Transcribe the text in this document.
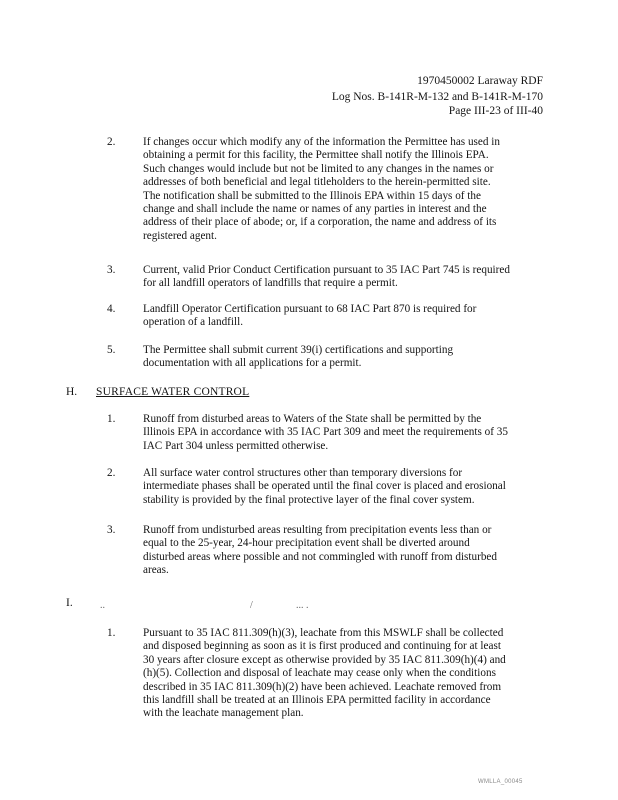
1970450002 Laraway RDF
Log Nos. B-141R-M-132 and B-141R-M-170
Page III-23 of III-40
2. If changes occur which modify any of the information the Permittee has used in
obtaining a permit for this facility, the Permittee shall notify the Illinois EPA.
Such changes would include but not be limited to any changes in the names or
addresses of both beneficial and legal titleholders to the herein-permitted site.
The notification shall be submitted to the Illinois EPA within 15 days of the
change and shall include the name or names of any parties in interest and the
address of their place of abode; or, if a corporation, the name and address of its
registered agent.
3. Current, valid Prior Conduct Certification pursuant to 35 IAC Part 745 is required
for all landfill operators of landfills that require a permit.
4. Landfill Operator Certification pursuant to 68 IAC Part 870 is required for
operation of a landfill.
5. The Permittee shall submit current 39(i) certifications and supporting
documentation with all applications for a permit.
H. SURFACE WATER CONTROL
1. Runoff from disturbed areas to Waters of the State shall be permitted by the
Illinois EPA in accordance with 35 IAC Part 309 and meet the requirements of 35
IAC Part 304 unless permitted otherwise.
2. All surface water control structures other than temporary diversions for
intermediate phases shall be operated until the final cover is placed and erosional
stability is provided by the final protective layer of the final cover system.
3. Runoff from undisturbed areas resulting from precipitation events less than or
equal to the 25-year, 24-hour precipitation event shall be diverted around
disturbed areas where possible and not commingled with runoff from disturbed
areas.
I.	..	/	... .
1. Pursuant to 35 IAC 811.309(h)(3), leachate from this MSWLF shall be collected
and disposed beginning as soon as it is first produced and continuing for at least
30 years after closure except as otherwise provided by 35 IAC 811.309(h)(4) and
(h)(5). Collection and disposal of leachate may cease only when the conditions
described in 35 IAC 811.309(h)(2) have been achieved. Leachate removed from
this landfill shall be treated at an Illinois EPA permitted facility in accordance
with the leachate management plan.
WMLLA_00045
